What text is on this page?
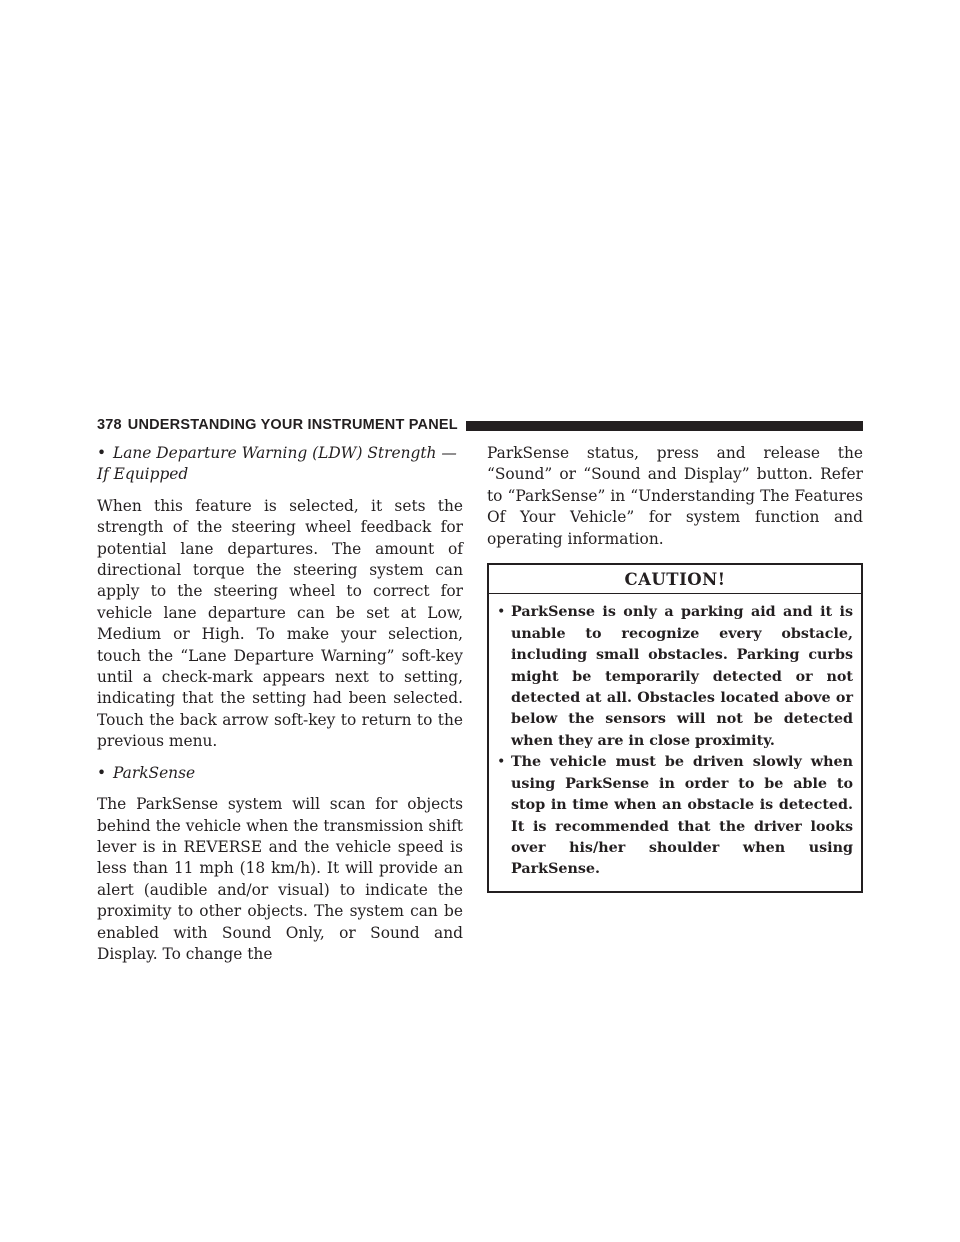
378 UNDERSTANDING YOUR INSTRUMENT PANEL
• Lane Departure Warning (LDW) Strength —

If Equipped

When this feature is selected, it sets the strength of the steering wheel feedback for potential lane departures. The amount of directional torque the steering system can apply to the steering wheel to correct for vehicle lane departure can be set at Low, Medium or High. To make your selection, touch the “Lane Departure Warning” soft-key until a check-mark appears next to setting, indicating that the setting had been selected. Touch the back arrow soft-key to return to the previous menu.

• ParkSense

The ParkSense system will scan for objects behind the vehicle when the transmission shift lever is in REVERSE and the vehicle speed is less than 11 mph (18 km/h). It will provide an alert (audible and/or visual) to indicate the proximity to other objects. The system can be enabled with Sound Only, or Sound and Display. To change the

ParkSense status, press and release the “Sound” or “Sound and Display” button. Refer to “ParkSense” in “Understanding The Features Of Your Vehicle” for system function and operating information.

CAUTION!
• ParkSense is only a parking aid and it is unable to recognize every obstacle, including small obstacles. Parking curbs might be temporarily detected or not detected at all. Obstacles located above or below the sensors will not be detected when they are in close proximity.
• The vehicle must be driven slowly when using ParkSense in order to be able to stop in time when an obstacle is detected. It is recommended that the driver looks over his/her shoulder when using ParkSense.
